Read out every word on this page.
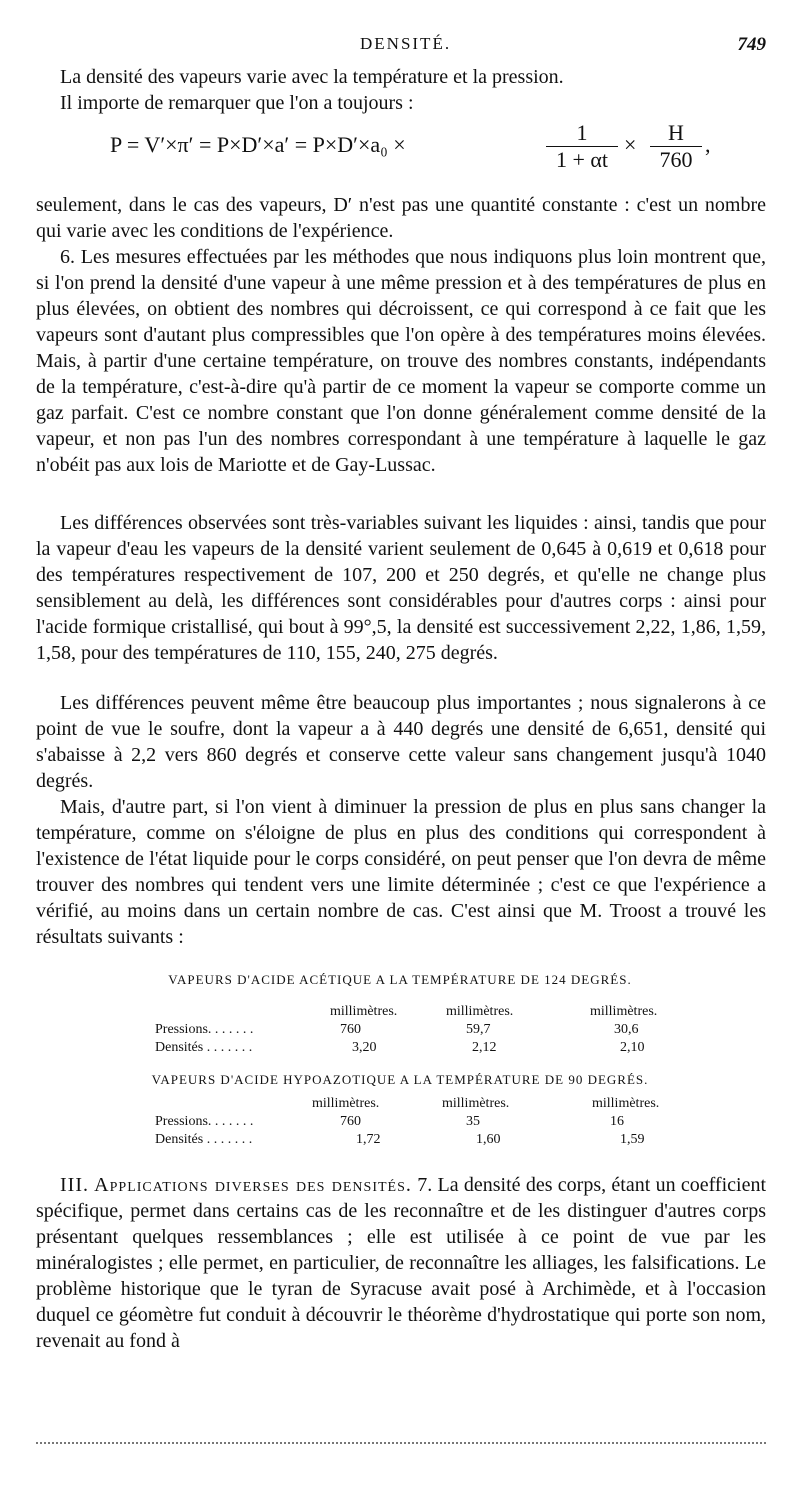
DENSITÉ.	749

La densité des vapeurs varie avec la température et la pression.

Il importe de remarquer que l'on a toujours :

P = V′×π′ = P×D′×a′ = P×D′×a₀ ×	$\frac{1}{1 + \alpha t} \times \frac{H}{760}$ ,

seulement, dans le cas des vapeurs, D′ n'est pas une quantité constante : c'est un nombre qui varie avec les conditions de l'expérience.

6. Les mesures effectuées par les méthodes que nous indiquons plus loin montrent que, si l'on prend la densité d'une vapeur à une même pression et à des températures de plus en plus élevées, on obtient des nombres qui décroissent, ce qui correspond à ce fait que les vapeurs sont d'autant plus compressibles que l'on opère à des températures moins élevées. Mais, à partir d'une certaine température, on trouve des nombres constants, indépendants de la température, c'est-à-dire qu'à partir de ce moment la vapeur se comporte comme un gaz parfait. C'est ce nombre constant que l'on donne généralement comme densité de la vapeur, et non pas l'un des nombres correspondant à une température à laquelle le gaz n'obéit pas aux lois de Mariotte et de Gay-Lussac.

Les différences observées sont très-variables suivant les liquides : ainsi, tandis que pour la vapeur d'eau les vapeurs de la densité varient seulement de 0,645 à 0,619 et 0,618 pour des températures respectivement de 107, 200 et 250 degrés, et qu'elle ne change plus sensiblement au delà, les différences sont considérables pour d'autres corps : ainsi pour l'acide formique cristallisé, qui bout à 99°,5, la densité est successivement 2,22, 1,86, 1,59, 1,58, pour des températures de 110, 155, 240, 275 degrés.

Les différences peuvent même être beaucoup plus importantes ; nous signalerons à ce point de vue le soufre, dont la vapeur a à 440 degrés une densité de 6,651, densité qui s'abaisse à 2,2 vers 860 degrés et conserve cette valeur sans changement jusqu'à 1040 degrés.

Mais, d'autre part, si l'on vient à diminuer la pression de plus en plus sans changer la température, comme on s'éloigne de plus en plus des conditions qui correspondent à l'existence de l'état liquide pour le corps considéré, on peut penser que l'on devra de même trouver des nombres qui tendent vers une limite déterminée ; c'est ce que l'expérience a vérifié, au moins dans un certain nombre de cas. C'est ainsi que M. Troost a trouvé les résultats suivants :

VAPEURS D'ACIDE ACÉTIQUE A LA TEMPÉRATURE DE 124 DEGRÉS.
millimètres.	millimètres.	millimètres.
Pressions. . . . . . .	760	59,7	30,6
Densités . . . . . . .	3,20	2,12	2,10
VAPEURS D'ACIDE HYPOAZOTIQUE A LA TEMPÉRATURE DE 90 DEGRÉS.
millimètres.	millimètres.	millimètres.
Pressions. . . . . . .	760	35	16
Densités . . . . . . .	1,72	1,60	1,59

III. Applications diverses des densités. 7. La densité des corps, étant un coefficient spécifique, permet dans certains cas de les reconnaître et de les distinguer d'autres corps présentant quelques ressemblances ; elle est utilisée à ce point de vue par les minéralogistes ; elle permet, en particulier, de reconnaître les alliages, les falsifications. Le problème historique que le tyran de Syracuse avait posé à Archimède, et à l'occasion duquel ce géomètre fut conduit à découvrir le théorème d'hydrostatique qui porte son nom, revenait au fond à
